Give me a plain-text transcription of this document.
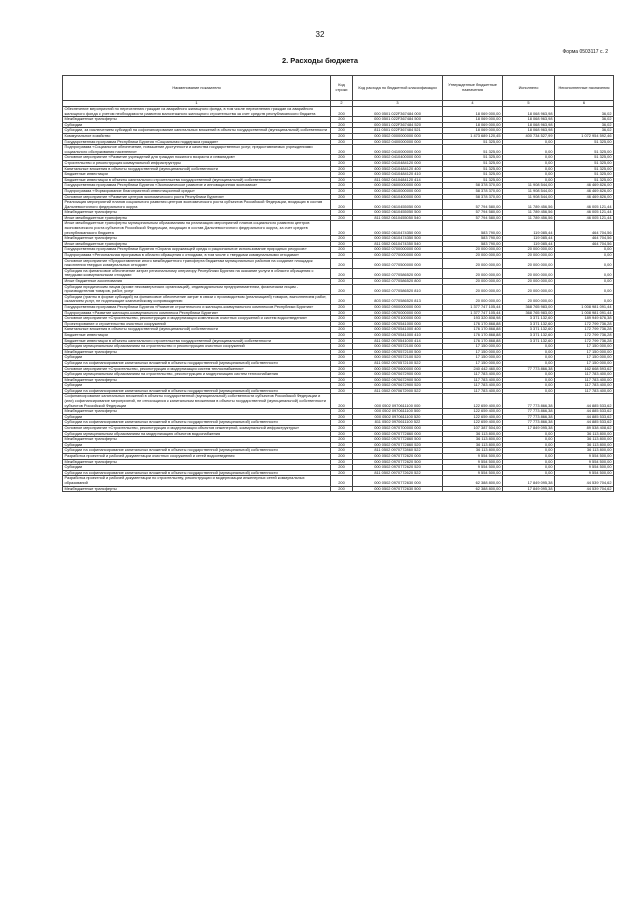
32
Форма 0503117 с. 2
2. Расходы бюджета
Наименование показателя	Код строки	Код расхода по бюджетной классификации	Утвержденные бюджетные назначения	Исполнено	Неисполненные назначения
1	2	3	4	5	6
Обеспечение мероприятий по переселению граждан из аварийного жилищного фонда, в том числе переселению граждан из аварийного жилищного фонда с учетом необходимости развития малоэтажного жилищного строительства за счет средств республиканского бюджета	200	000 0501 022F367484 000	18 069 000,00	18 068 963,98	36,02
Межбюджетные трансферты	200	000 0501 022F367484 500	18 069 000,00	18 068 963,98	36,02
Субсидии	200	000 0501 022F367484 520	18 069 000,00	18 068 963,98	36,02
Субсидии, за исключением субсидий на софинансирование капитальных вложений в объекты государственной (муниципальной) собственности	200	811 0501 022F367484 521	18 069 000,00	18 068 963,98	36,02
Коммунальное хозяйство	200	000 0502 0000000000 000	1 473 689 120,45	400 734 527,99	1 072 954 592,46
Государственная программа Республики Бурятия «Социальная поддержка граждан»	200	000 0502 0400000000 000	51 325,00	0,00	51 325,00
Подпрограмма «Социальное обеспечение, повышение доступности и качества государственных услуг, предоставляемых учреждениями социального обслуживания населения»	200	000 0502 0410000000 000	51 325,00	0,00	51 325,00
Основное мероприятие «Развитие учреждений для граждан пожилого возраста и инвалидов»	200	000 0502 0410400000 000	51 325,00	0,00	51 325,00
Строительство и реконструкция коммунальной инфраструктуры	200	000 0502 0410484120 000	51 325,00	0,00	51 325,00
Капитальные вложения в объекты государственной (муниципальной) собственности	200	000 0502 0410484120 400	51 325,00	0,00	51 325,00
Бюджетные инвестиции	200	000 0502 0410484120 410	51 325,00	0,00	51 325,00
Бюджетные инвестиции в объекты капитального строительства государственной (муниципальной) собственности	200	811 0502 0410484120 414	51 325,00	0,00	51 325,00
Государственная программа Республики Бурятия «Экономическое развитие и инновационная экономика»	200	000 0502 0600000000 000	58 378 370,00	11 908 544,00	46 469 826,00
Подпрограмма «Формирование благоприятной инвестиционной среды»	200	000 0502 0610000000 000	58 378 370,00	11 908 544,00	46 469 826,00
Основное мероприятие «Развитие центров экономического роста Республики Бурятия»	200	000 0502 0610400000 000	58 378 370,00	11 908 544,00	46 469 826,00
Реализация мероприятий планов социального развития центров экономического роста субъектов Российской Федерации, входящих в состав Дальневосточного федерального округа	200	000 0502 0610455050 000	57 794 580,00	11 789 456,56	46 005 121,44
Межбюджетные трансферты	200	000 0502 0610455050 500	57 794 580,00	11 789 456,56	46 005 121,44
Иные межбюджетные трансферты	200	811 0502 0610455050 540	57 794 580,00	11 789 456,56	46 005 121,44
Иные межбюджетные трансферты муниципальным образованиям на реализацию мероприятий планов социального развития центров экономического роста субъектов Российской Федерации, входящих в состав Дальневосточного федерального округа, за счет средств республиканского бюджета	200	000 0502 0610474350 000	583 790,00	119 085,44	464 704,56
Межбюджетные трансферты	200	000 0502 0610474350 500	583 790,00	119 085,44	464 704,56
Иные межбюджетные трансферты	200	811 0502 0610474350 540	583 790,00	119 085,44	464 704,56
Государственная программа Республики Бурятия «Охрана окружающей среды и рациональное использование природных ресурсов»	200	000 0502 0700000000 000	20 000 000,00	20 000 000,00	0,00
Подпрограмма «Региональная программа в области обращения с отходами, в том числе с твердыми коммунальными отходами»	200	000 0502 0770000000 000	20 000 000,00	20 000 000,00	0,00
Основное мероприятие «Предоставление иного межбюджетного трансферта бюджетам муниципальных районов на создание площадок накопления твердых коммунальных отходов»	200	000 0502 0770500000 000	20 000 000,00	20 000 000,00	0,00
Субсидия на финансовое обеспечение затрат региональному оператору Республики Бурятия на оказание услуги в области обращения с твердыми коммунальными отходами	200	000 0502 0770586520 000	20 000 000,00	20 000 000,00	0,00
Иные бюджетные ассигнования	200	000 0502 0770586520 800	20 000 000,00	20 000 000,00	0,00
Субсидии юридическим лицам (кроме некоммерческих организаций), индивидуальным предпринимателям, физическим лицам - производителям товаров, работ, услуг	200	000 0502 0770586520 810	20 000 000,00	20 000 000,00	0,00
Субсидии (гранты в форме субсидий) на финансовое обеспечение затрат в связи с производством (реализацией) товаров, выполнением работ, оказанием услуг, не подлежащие казначейскому сопровождению	200	803 0502 0770586520 813	20 000 000,00	20 000 000,00	0,00
Государственная программа Республики Бурятия «Развитие строительного и жилищно-коммунального комплексов Республики Бурятия»	200	000 0502 0900000000 000	1 377 747 105,44	368 765 983,00	1 008 981 091,44
Подпрограмма «Развитие жилищно-коммунального комплекса Республики Бурятия»	200	000 0502 0970000000 000	1 377 747 105,44	368 765 983,00	1 008 981 091,44
Основное мероприятие «Строительство, реконструкция и модернизация комплексов очистных сооружений и систем водоотведения»	200	000 0502 0970100000 000	193 320 808,98	3 371 132,60	189 949 676,38
Проектирование и строительство очистных сооружений	200	000 0502 0970541000 000	176 170 868,88	3 371 132,60	172 799 736,28
Капитальные вложения в объекты государственной (муниципальной) собственности	200	000 0502 0970541000 400	176 170 868,88	3 371 132,60	172 799 736,28
Бюджетные инвестиции	200	000 0502 0970541000 410	176 170 868,88	3 371 132,60	172 799 736,28
Бюджетные инвестиции в объекты капитального строительства государственной (муниципальной) собственности	200	811 0502 0970541000 414	176 170 868,88	3 371 132,60	172 799 736,28
Субсидия муниципальным образованиям на строительство и реконструкцию очистных сооружений	200	000 0502 0970572100 000	17 150 000,00	0,00	17 150 000,00
Межбюджетные трансферты	200	000 0502 0970572100 500	17 150 000,00	0,00	17 150 000,00
Субсидии	200	000 0502 0970572100 520	17 150 000,00	0,00	17 150 000,00
Субсидии на софинансирование капитальных вложений в объекты государственной (муниципальной) собственности	200	811 0502 0970572100 522	17 150 000,00	0,00	17 150 000,00
Основное мероприятие «Строительство, реконструкция и модернизация систем теплоснабжения»	200	000 0502 0970600000 000	240 442 460,00	77 773 866,38	162 668 593,62
Субсидия муниципальным образованиям на строительство, реконструкцию и модернизацию систем теплоснабжения	200	000 0502 0970672900 000	117 783 400,00	0,00	117 783 400,00
Межбюджетные трансферты	200	000 0502 0970672900 500	117 783 400,00	0,00	117 783 400,00
Субсидии	200	000 0502 0970672900 520	117 783 400,00	0,00	117 783 400,00
Субсидии на софинансирование капитальных вложений в объекты государственной (муниципальной) собственности	200	811 0502 0970672900 522	117 783 400,00	0,00	117 783 400,00
Софинансирование капитальных вложений в объекты государственной (муниципальной) собственности субъектов Российской Федерации и (или) софинансирование мероприятий, не относящихся к капитальным вложениям в объекты государственной (муниципальной) собственности субъектов Российской Федерации	200	000 0502 0970611100 000	122 659 400,00	77 773 866,38	44 885 533,62
Межбюджетные трансферты	200	000 0502 0970611100 500	122 659 400,00	77 773 866,38	44 885 533,62
Субсидии	200	000 0502 0970611100 520	122 659 400,00	77 773 866,38	44 885 533,62
Субсидии на софинансирование капитальных вложений в объекты государственной (муниципальной) собственности	200	811 0502 0970611100 522	122 659 400,00	77 773 866,38	44 885 533,62
Основное мероприятие «Строительство, реконструкция и модернизация объектов инженерной, коммунальной инфраструктуры»	200	000 0502 0970700000 000	107 387 504,00	17 849 095,38	89 538 408,62
Субсидия муниципальным образованиям на модернизацию объектов водоснабжения	200	000 0502 0970772860 000	36 113 800,00	0,00	36 113 800,00
Межбюджетные трансферты	200	000 0502 0970772860 500	36 113 800,00	0,00	36 113 800,00
Субсидии	200	000 0502 0970772860 520	36 113 800,00	0,00	36 113 800,00
Субсидии на софинансирование капитальных вложений в объекты государственной (муниципальной) собственности	200	811 0502 0970772860 522	36 113 800,00	0,00	36 113 800,00
Разработка проектной и рабочей документации очистных сооружений и сетей водоотведения	200	000 0502 0970772620 000	9 554 500,00	0,00	9 554 500,00
Межбюджетные трансферты	200	000 0502 0970772620 500	9 554 500,00	0,00	9 554 500,00
Субсидии	200	000 0502 0970772620 520	9 554 500,00	0,00	9 554 500,00
Субсидии на софинансирование капитальных вложений в объекты государственной (муниципальной) собственности	200	811 0502 0970772620 522	9 554 500,00	0,00	9 554 500,00
Разработка проектной и рабочей документации по строительству, реконструкции и модернизации инженерных сетей коммунальных образований	200	000 0502 0970772630 000	62 388 800,00	17 849 095,38	44 539 704,62
Межбюджетные трансферты	200	000 0502 0970772630 500	62 388 800,00	17 849 095,38	44 539 704,62
